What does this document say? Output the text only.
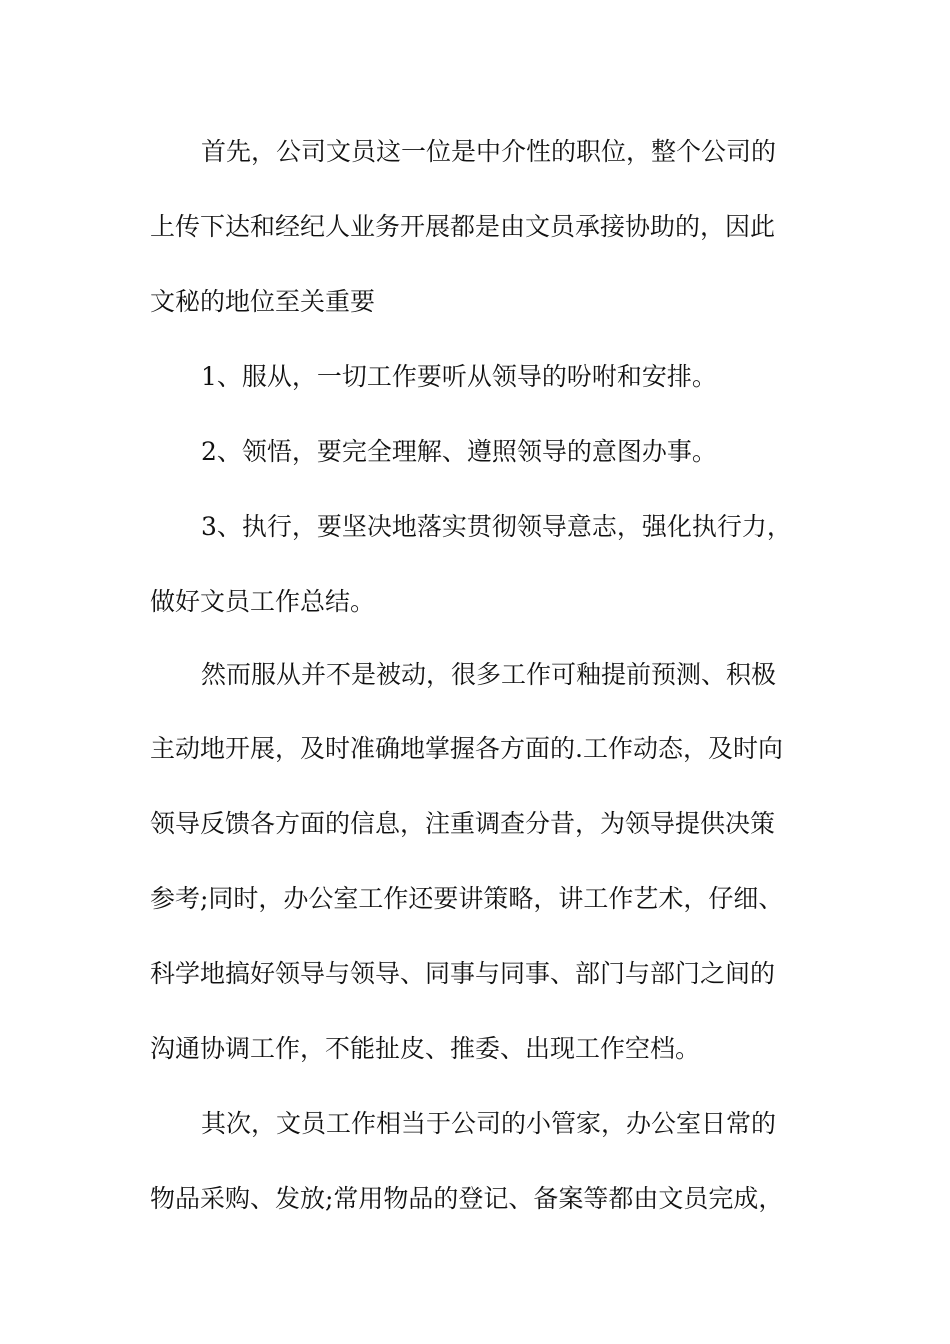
首先，公司文员这一位是中介性的职位，整个公司的
上传下达和经纪人业务开展都是由文员承接协助的，因此
文秘的地位至关重要
1、服从，一切工作要听从领导的吩咐和安排。
2、领悟，要完全理解、遵照领导的意图办事。
3、执行，要坚决地落实贯彻领导意志，强化执行力，
做好文员工作总结。
然而服从并不是被动，很多工作可釉提前预测、积极
主动地开展，及时准确地掌握各方面的.工作动态，及时向
领导反馈各方面的信息，注重调查分昔，为领导提供决策
参考;同时，办公室工作还要讲策略，讲工作艺术，仔细、
科学地搞好领导与领导、同事与同事、部门与部门之间的
沟通协调工作，不能扯皮、推委、出现工作空档。
其次，文员工作相当于公司的小管家，办公室日常的
物品采购、发放;常用物品的登记、备案等都由文员完成，
